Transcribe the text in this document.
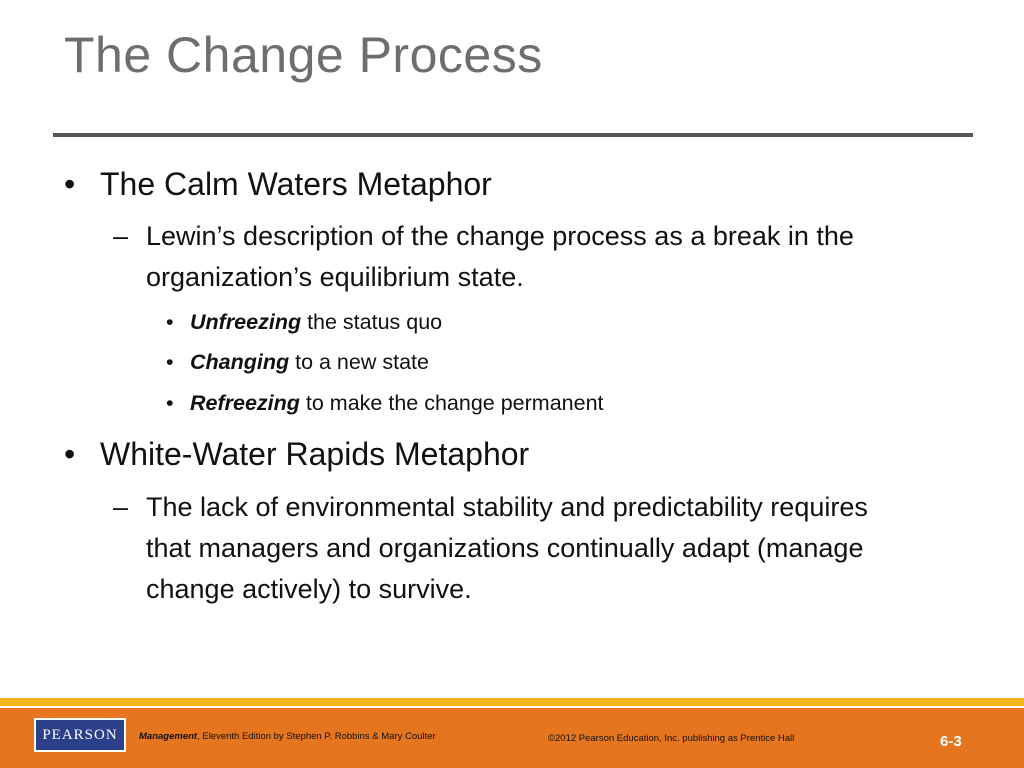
The Change Process
• The Calm Waters Metaphor
– Lewin’s description of the change process as a break in the organization’s equilibrium state.
• Unfreezing the status quo
• Changing to a new state
• Refreezing to make the change permanent
• White-Water Rapids Metaphor
– The lack of environmental stability and predictability requires that managers and organizations continually adapt (manage change actively) to survive.
PEARSON Management, Eleventh Edition by Stephen P. Robbins & Mary Coulter	©2012 Pearson Education, Inc. publishing as Prentice Hall	6-3
